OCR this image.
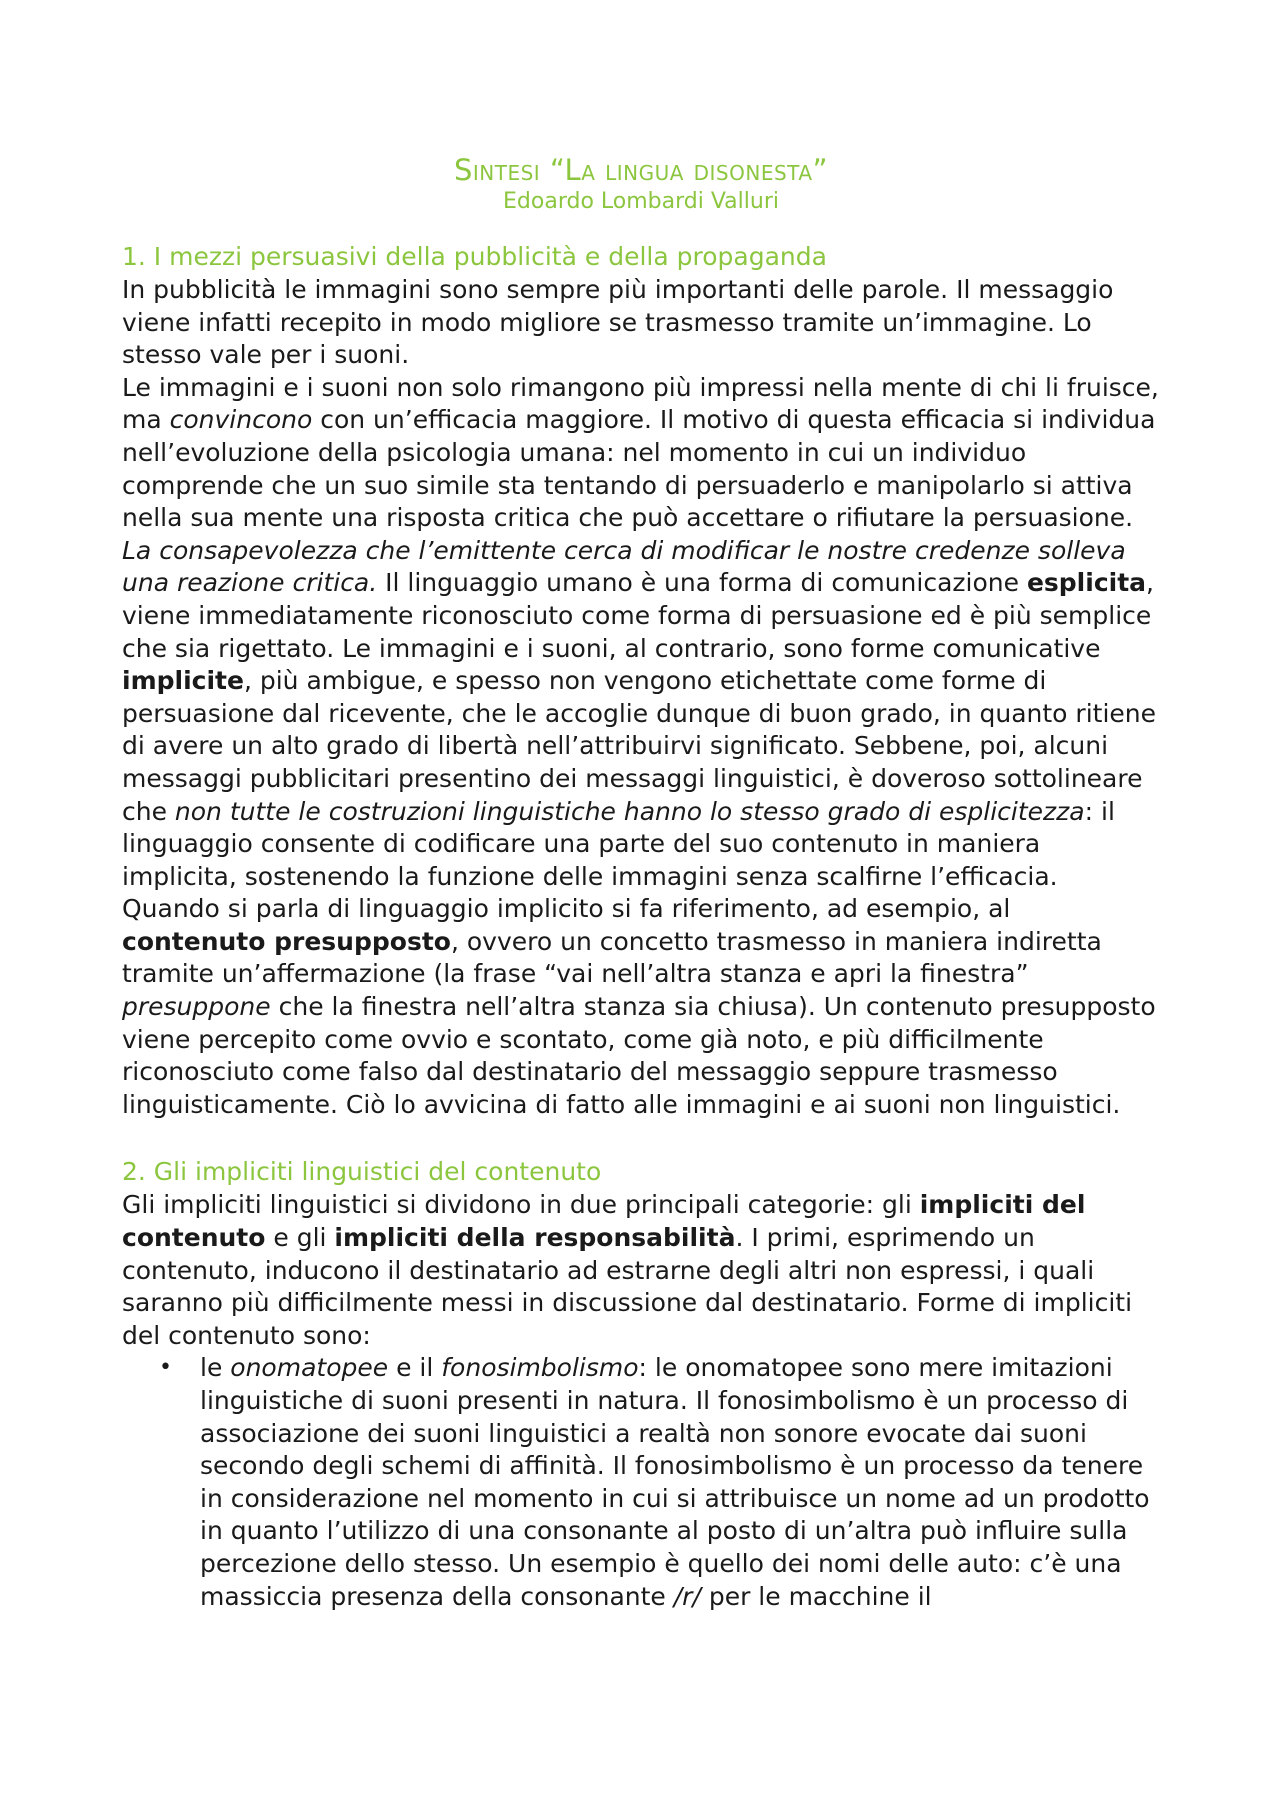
Sintesi “La lingua disonesta”

Edoardo Lombardi Valluri

1. I mezzi persuasivi della pubblicità e della propaganda

In pubblicità le immagini sono sempre più importanti delle parole. Il messaggio viene infatti recepito in modo migliore se trasmesso tramite un’immagine. Lo stesso vale per i suoni.

Le immagini e i suoni non solo rimangono più impressi nella mente di chi li fruisce, ma convincono con un’efficacia maggiore. Il motivo di questa efficacia si individua nell’evoluzione della psicologia umana: nel momento in cui un individuo comprende che un suo simile sta tentando di persuaderlo e manipolarlo si attiva nella sua mente una risposta critica che può accettare o rifiutare la persuasione. La consapevolezza che l’emittente cerca di modificar le nostre credenze solleva una reazione critica. Il linguaggio umano è una forma di comunicazione esplicita, viene immediatamente riconosciuto come forma di persuasione ed è più semplice che sia rigettato. Le immagini e i suoni, al contrario, sono forme comunicative implicite, più ambigue, e spesso non vengono etichettate come forme di persuasione dal ricevente, che le accoglie dunque di buon grado, in quanto ritiene di avere un alto grado di libertà nell’attribuirvi significato. Sebbene, poi, alcuni messaggi pubblicitari presentino dei messaggi linguistici, è doveroso sottolineare che non tutte le costruzioni linguistiche hanno lo stesso grado di esplicitezza: il linguaggio consente di codificare una parte del suo contenuto in maniera implicita, sostenendo la funzione delle immagini senza scalfirne l’efficacia.

Quando si parla di linguaggio implicito si fa riferimento, ad esempio, al contenuto presupposto, ovvero un concetto trasmesso in maniera indiretta tramite un’affermazione (la frase “vai nell’altra stanza e apri la finestra” presuppone che la finestra nell’altra stanza sia chiusa). Un contenuto presupposto viene percepito come ovvio e scontato, come già noto, e più difficilmente riconosciuto come falso dal destinatario del messaggio seppure trasmesso linguisticamente. Ciò lo avvicina di fatto alle immagini e ai suoni non linguistici.

2. Gli impliciti linguistici del contenuto

Gli impliciti linguistici si dividono in due principali categorie: gli impliciti del contenuto e gli impliciti della responsabilità. I primi, esprimendo un contenuto, inducono il destinatario ad estrarne degli altri non espressi, i quali saranno più difficilmente messi in discussione dal destinatario. Forme di impliciti del contenuto sono:

• le onomatopee e il fonosimbolismo: le onomatopee sono mere imitazioni linguistiche di suoni presenti in natura. Il fonosimbolismo è un processo di associazione dei suoni linguistici a realtà non sonore evocate dai suoni secondo degli schemi di affinità. Il fonosimbolismo è un processo da tenere in considerazione nel momento in cui si attribuisce un nome ad un prodotto in quanto l’utilizzo di una consonante al posto di un’altra può influire sulla percezione dello stesso. Un esempio è quello dei nomi delle auto: c’è una massiccia presenza della consonante /r/ per le macchine il
